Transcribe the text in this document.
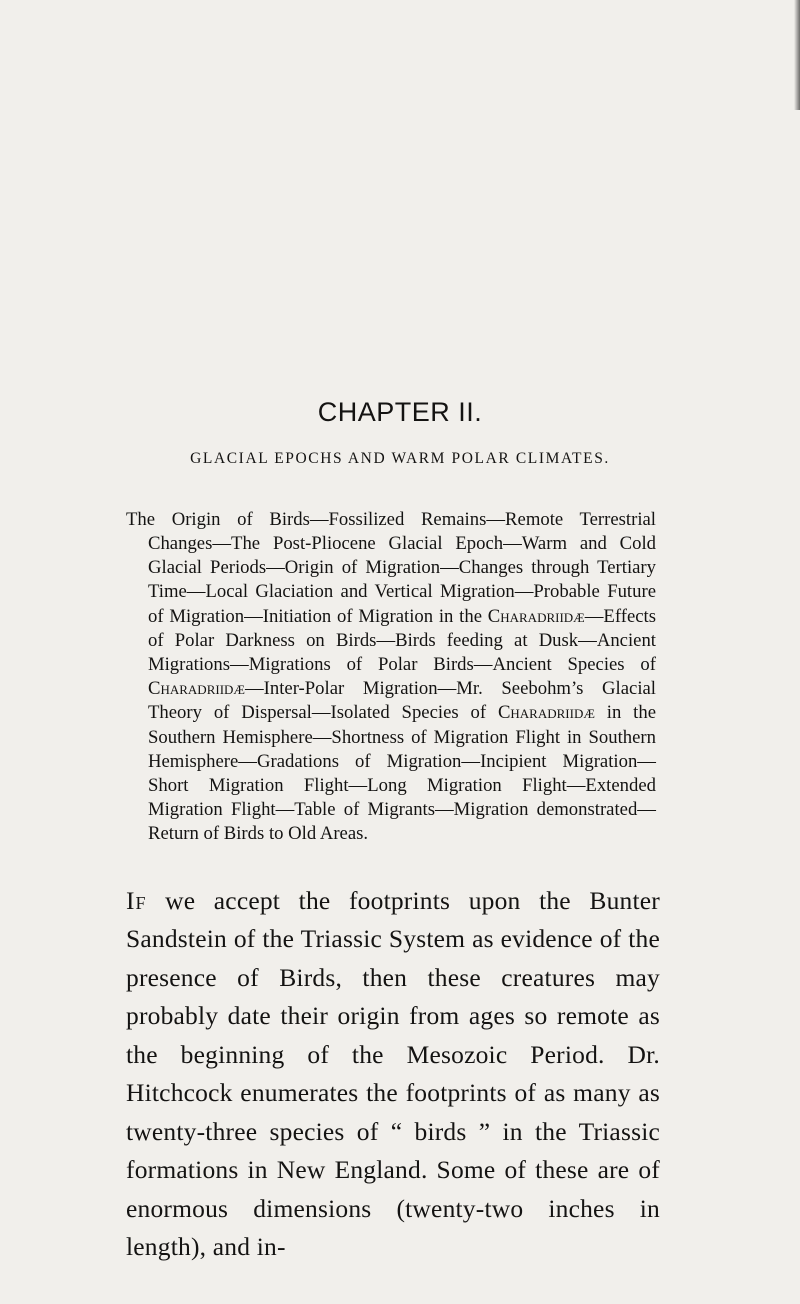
CHAPTER II.
GLACIAL EPOCHS AND WARM POLAR CLIMATES.

The Origin of Birds—Fossilized Remains—Remote Terrestrial Changes—The Post-Pliocene Glacial Epoch—Warm and Cold Glacial Periods—Origin of Migration—Changes through Tertiary Time—Local Glaciation and Vertical Migration—Probable Future of Migration—Initiation of Migration in the Charadriidæ—Effects of Polar Darkness on Birds—Birds feeding at Dusk—Ancient Migrations—Migrations of Polar Birds—Ancient Species of Charadriidæ—Inter-Polar Migration—Mr. Seebohm’s Glacial Theory of Dispersal—Isolated Species of Charadriidæ in the Southern Hemisphere—Shortness of Migration Flight in Southern Hemisphere—Gradations of Migration—Incipient Migration—Short Migration Flight—Long Migration Flight—Extended Migration Flight—Table of Migrants—Migration demonstrated—Return of Birds to Old Areas.

If we accept the footprints upon the Bunter Sandstein of the Triassic System as evidence of the presence of Birds, then these creatures may probably date their origin from ages so remote as the beginning of the Mesozoic Period. Dr. Hitchcock enumerates the footprints of as many as twenty-three species of “ birds ” in the Triassic formations in New England. Some of these are of enormous dimensions (twenty-two inches in length), and in-
